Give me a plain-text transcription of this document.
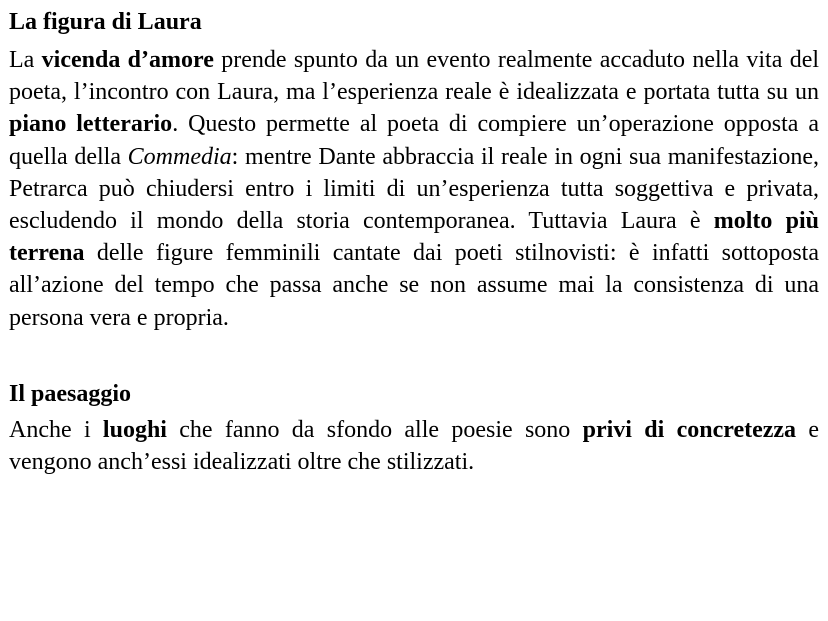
La figura di Laura

La vicenda d’amore prende spunto da un evento realmente accaduto nella vita del poeta, l’incontro con Laura, ma l’esperienza reale è idealizzata e portata tutta su un piano letterario. Questo permette al poeta di compiere un’operazione opposta a quella della Commedia: mentre Dante abbraccia il reale in ogni sua manifestazione, Petrarca può chiudersi entro i limiti di un’esperienza tutta soggettiva e privata, escludendo il mondo della storia contemporanea. Tuttavia Laura è molto più terrena delle figure femminili cantate dai poeti stilnovisti: è infatti sottoposta all’azione del tempo che passa anche se non assume mai la consistenza di una persona vera e propria.

Il paesaggio

Anche i luoghi che fanno da sfondo alle poesie sono privi di concretezza e vengono anch’essi idealizzati oltre che stilizzati.
